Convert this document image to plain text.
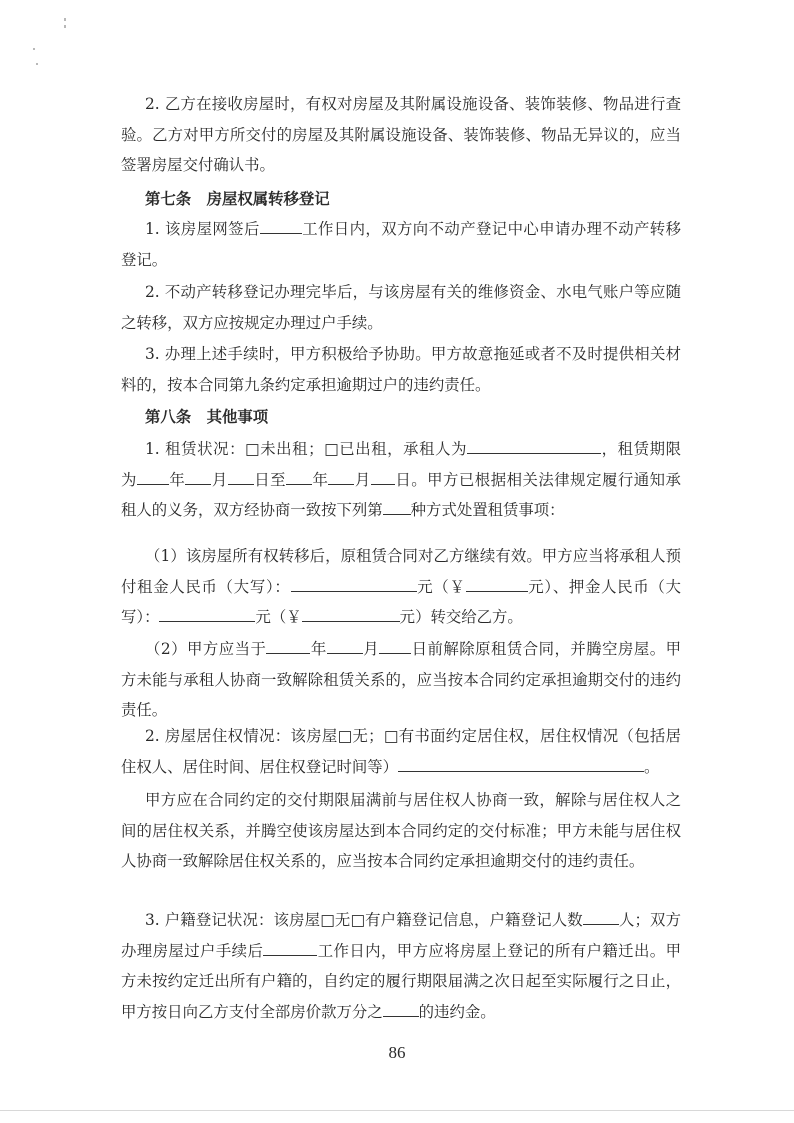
2. 乙方在接收房屋时，有权对房屋及其附属设施设备、装饰装修、物品进行查验。乙方对甲方所交付的房屋及其附属设施设备、装饰装修、物品无异议的，应当签署房屋交付确认书。

第七条　房屋权属转移登记

1. 该房屋网签后	工作日内，双方向不动产登记中心申请办理不动产转移登记。

2. 不动产转移登记办理完毕后，与该房屋有关的维修资金、水电气账户等应随之转移，双方应按规定办理过户手续。

3. 办理上述手续时，甲方积极给予协助。甲方故意拖延或者不及时提供相关材料的，按本合同第九条约定承担逾期过户的违约责任。

第八条　其他事项

1. 租赁状况：□未出租；□已出租，承租人为	，租赁期限为 年 月 日至 年 月 日。甲方已根据相关法律规定履行通知承租人的义务，双方经协商一致按下列第 种方式处置租赁事项：

（1）该房屋所有权转移后，原租赁合同对乙方继续有效。甲方应当将承租人预付租金人民币（大写）：	元（￥	元）、押金人民币（大写）：	元（￥	元）转交给乙方。

（2）甲方应当于	年 月 日前解除原租赁合同，并腾空房屋。甲方未能与承租人协商一致解除租赁关系的，应当按本合同约定承担逾期交付的违约责任。

2. 房屋居住权情况：该房屋□无；□有书面约定居住权，居住权情况（包括居住权人、居住时间、居住权登记时间等）	。

甲方应在合同约定的交付期限届满前与居住权人协商一致，解除与居住权人之间的居住权关系，并腾空使该房屋达到本合同约定的交付标准；甲方未能与居住权人协商一致解除居住权关系的，应当按本合同约定承担逾期交付的违约责任。

3. 户籍登记状况：该房屋□无□有户籍登记信息，户籍登记人数 人；双方办理房屋过户手续后	工作日内，甲方应将房屋上登记的所有户籍迁出。甲方未按约定迁出所有户籍的，自约定的履行期限届满之次日起至实际履行之日止，甲方按日向乙方支付全部房价款万分之 的违约金。

86
